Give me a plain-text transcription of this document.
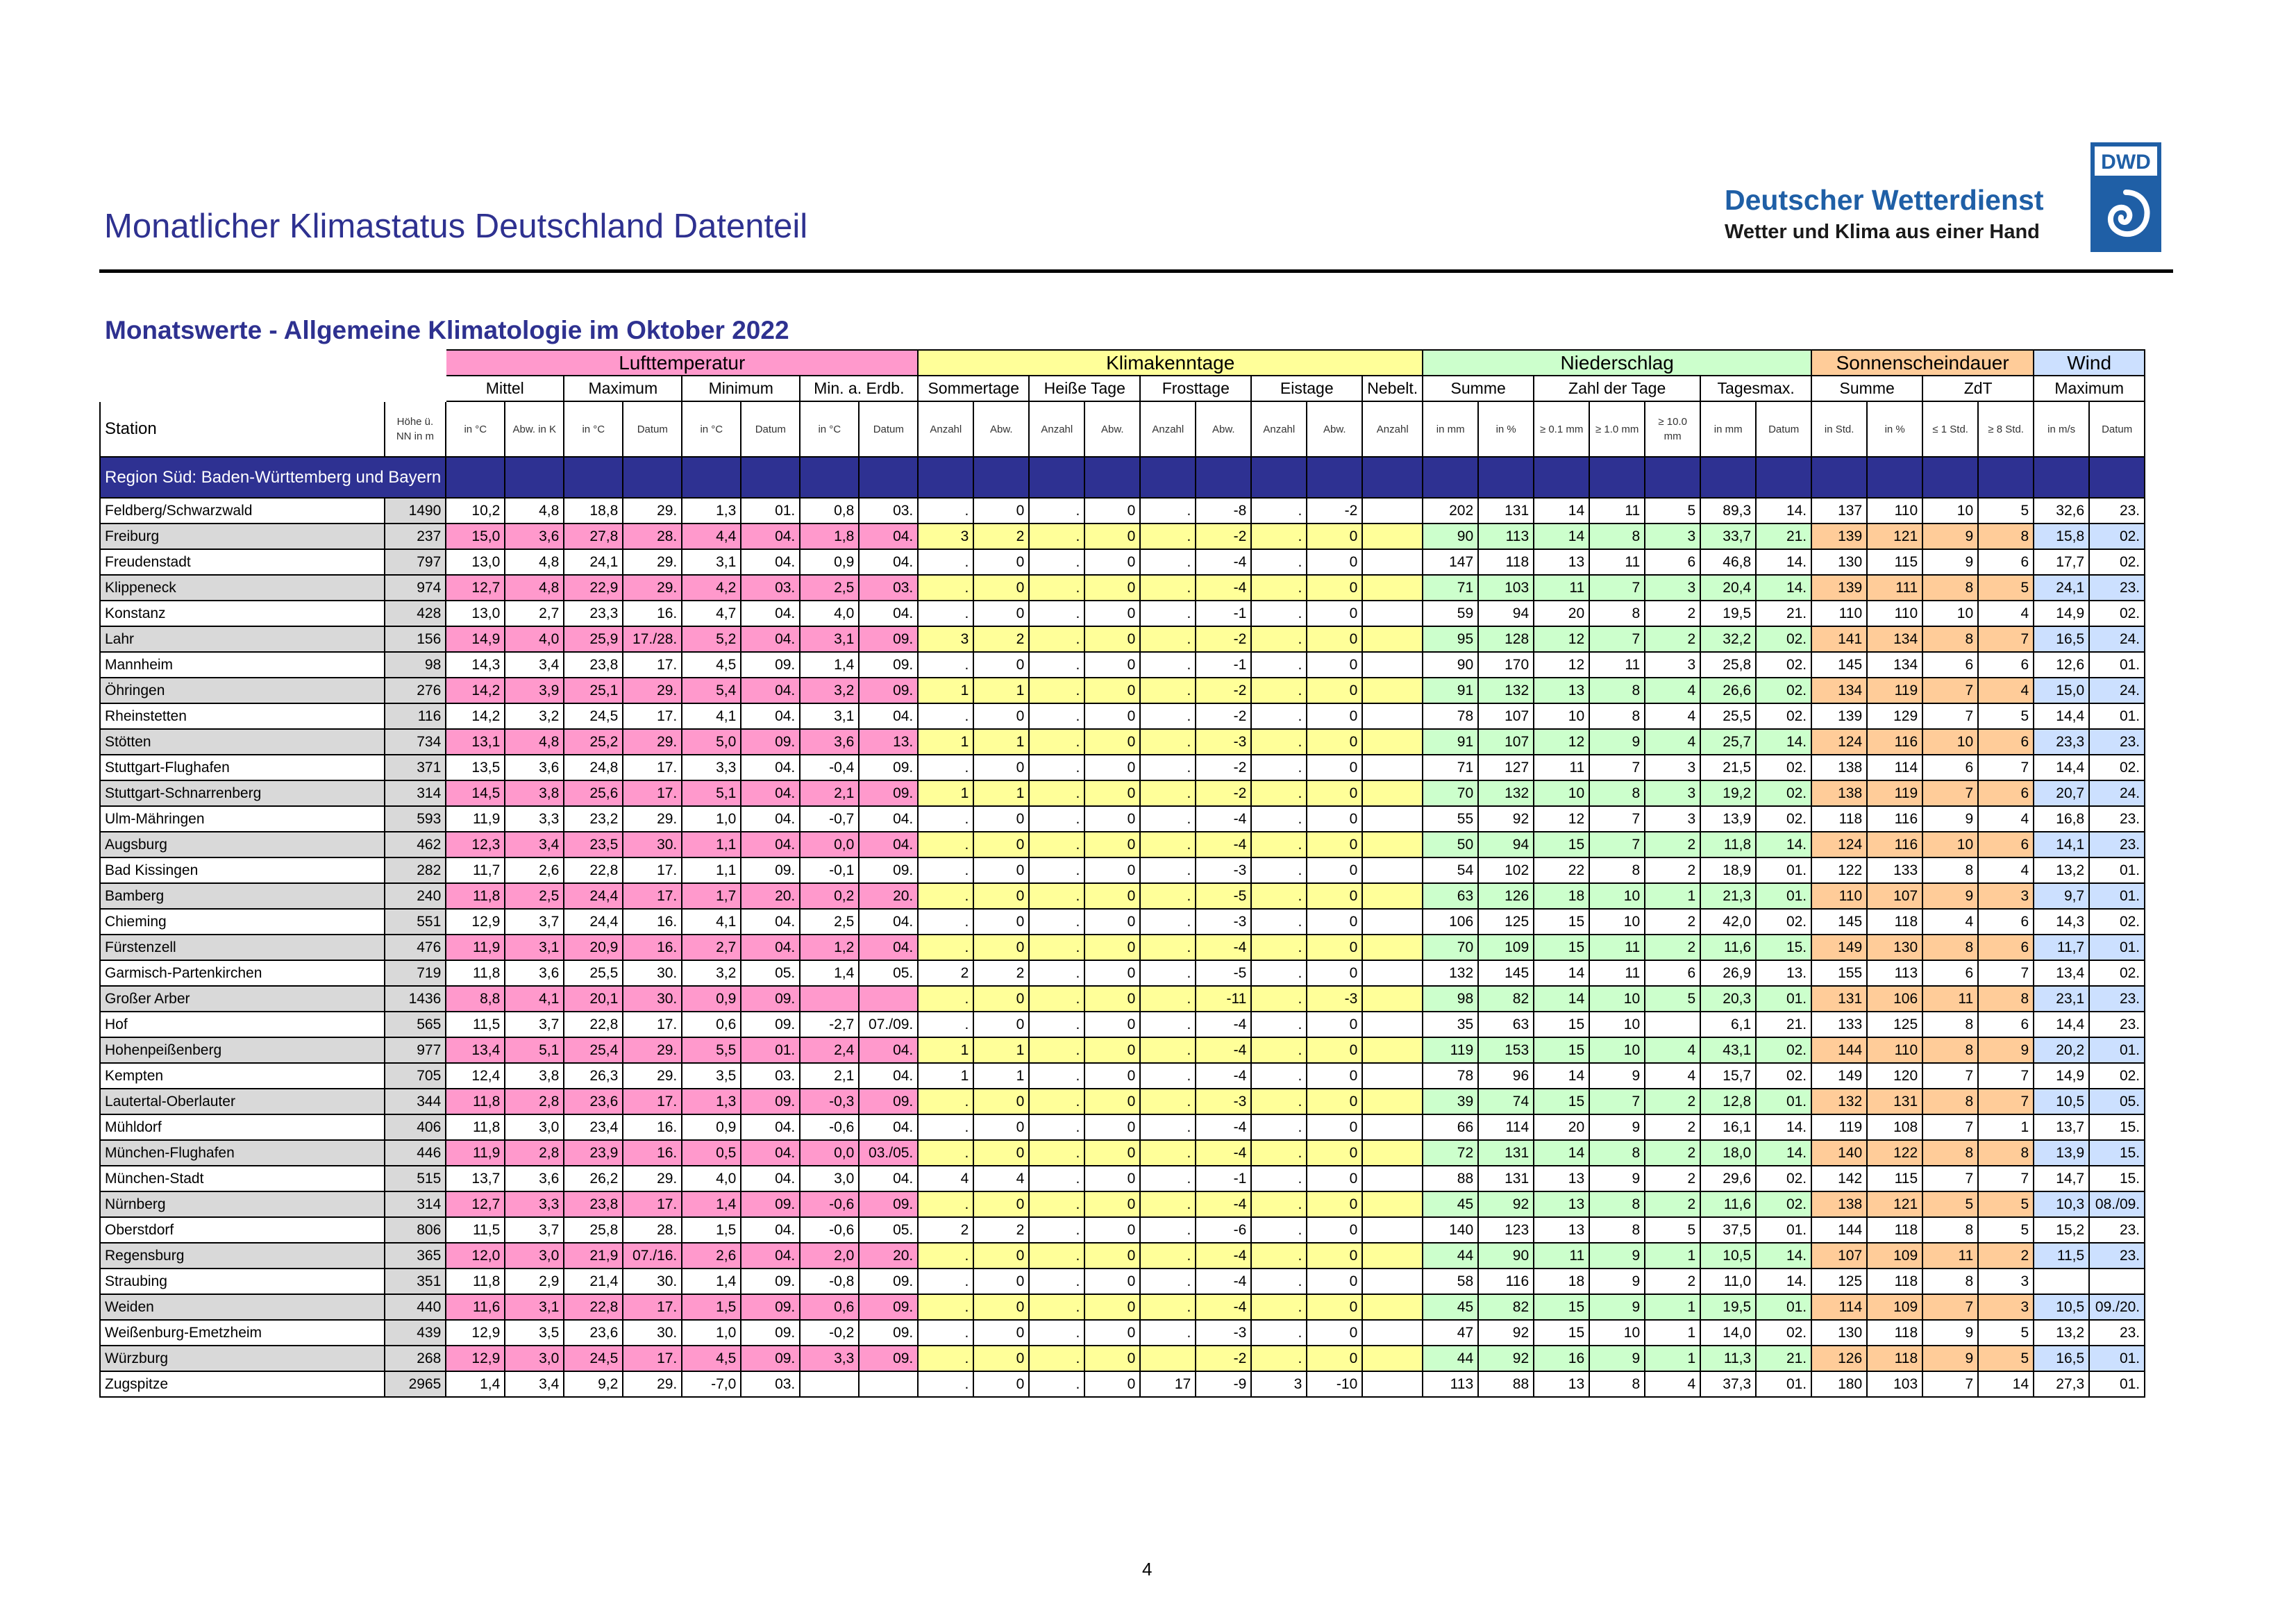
Monatlicher Klimastatus Deutschland Datenteil
Deutscher Wetterdienst
Wetter und Klima aus einer Hand
DWD
Monatswerte - Allgemeine Klimatologie im Oktober 2022
		Lufttemperatur								Klimakenntage									Niederschlag							Sonnenscheindauer				Wind	
		Mittel		Maximum		Minimum		Min. a. Erdb.		Sommertage		Heiße Tage		Frosttage		Eistage		Nebelt.	Summe		Zahl der Tage			Tagesmax.		Summe		ZdT		Maximum	
Station	Höhe ü. NN in m	in °C	Abw. in K	in °C	Datum	in °C	Datum	in °C	Datum	Anzahl	Abw.	Anzahl	Abw.	Anzahl	Abw.	Anzahl	Abw.	Anzahl	in mm	in %	≥ 0.1 mm	≥ 1.0 mm	≥ 10.0 mm	in mm	Datum	in Std.	in %	≤ 1 Std.	≥ 8 Std.	in m/s	Datum
Region Süd: Baden-Württemberg und Bayern																															
Feldberg/Schwarzwald	1490	10,2	4,8	18,8	29.	1,3	01.	0,8	03.	.	0	.	0	.	-8	.	-2		202	131	14	11	5	89,3	14.	137	110	10	5	32,6	23.
Freiburg	237	15,0	3,6	27,8	28.	4,4	04.	1,8	04.	3	2	.	0	.	-2	.	0		90	113	14	8	3	33,7	21.	139	121	9	8	15,8	02.
Freudenstadt	797	13,0	4,8	24,1	29.	3,1	04.	0,9	04.	.	0	.	0	.	-4	.	0		147	118	13	11	6	46,8	14.	130	115	9	6	17,7	02.
Klippeneck	974	12,7	4,8	22,9	29.	4,2	03.	2,5	03.	.	0	.	0	.	-4	.	0		71	103	11	7	3	20,4	14.	139	111	8	5	24,1	23.
Konstanz	428	13,0	2,7	23,3	16.	4,7	04.	4,0	04.	.	0	.	0	.	-1	.	0		59	94	20	8	2	19,5	21.	110	110	10	4	14,9	02.
Lahr	156	14,9	4,0	25,9	17./28.	5,2	04.	3,1	09.	3	2	.	0	.	-2	.	0		95	128	12	7	2	32,2	02.	141	134	8	7	16,5	24.
Mannheim	98	14,3	3,4	23,8	17.	4,5	09.	1,4	09.	.	0	.	0	.	-1	.	0		90	170	12	11	3	25,8	02.	145	134	6	6	12,6	01.
Öhringen	276	14,2	3,9	25,1	29.	5,4	04.	3,2	09.	1	1	.	0	.	-2	.	0		91	132	13	8	4	26,6	02.	134	119	7	4	15,0	24.
Rheinstetten	116	14,2	3,2	24,5	17.	4,1	04.	3,1	04.	.	0	.	0	.	-2	.	0		78	107	10	8	4	25,5	02.	139	129	7	5	14,4	01.
Stötten	734	13,1	4,8	25,2	29.	5,0	09.	3,6	13.	1	1	.	0	.	-3	.	0		91	107	12	9	4	25,7	14.	124	116	10	6	23,3	23.
Stuttgart-Flughafen	371	13,5	3,6	24,8	17.	3,3	04.	-0,4	09.	.	0	.	0	.	-2	.	0		71	127	11	7	3	21,5	02.	138	114	6	7	14,4	02.
Stuttgart-Schnarrenberg	314	14,5	3,8	25,6	17.	5,1	04.	2,1	09.	1	1	.	0	.	-2	.	0		70	132	10	8	3	19,2	02.	138	119	7	6	20,7	24.
Ulm-Mähringen	593	11,9	3,3	23,2	29.	1,0	04.	-0,7	04.	.	0	.	0	.	-4	.	0		55	92	12	7	3	13,9	02.	118	116	9	4	16,8	23.
Augsburg	462	12,3	3,4	23,5	30.	1,1	04.	0,0	04.	.	0	.	0	.	-4	.	0		50	94	15	7	2	11,8	14.	124	116	10	6	14,1	23.
Bad Kissingen	282	11,7	2,6	22,8	17.	1,1	09.	-0,1	09.	.	0	.	0	.	-3	.	0		54	102	22	8	2	18,9	01.	122	133	8	4	13,2	01.
Bamberg	240	11,8	2,5	24,4	17.	1,7	20.	0,2	20.	.	0	.	0	.	-5	.	0		63	126	18	10	1	21,3	01.	110	107	9	3	9,7	01.
Chieming	551	12,9	3,7	24,4	16.	4,1	04.	2,5	04.	.	0	.	0	.	-3	.	0		106	125	15	10	2	42,0	02.	145	118	4	6	14,3	02.
Fürstenzell	476	11,9	3,1	20,9	16.	2,7	04.	1,2	04.	.	0	.	0	.	-4	.	0		70	109	15	11	2	11,6	15.	149	130	8	6	11,7	01.
Garmisch-Partenkirchen	719	11,8	3,6	25,5	30.	3,2	05.	1,4	05.	2	2	.	0	.	-5	.	0		132	145	14	11	6	26,9	13.	155	113	6	7	13,4	02.
Großer Arber	1436	8,8	4,1	20,1	30.	0,9	09.			.	0	.	0	.	-11	.	-3		98	82	14	10	5	20,3	01.	131	106	11	8	23,1	23.
Hof	565	11,5	3,7	22,8	17.	0,6	09.	-2,7	07./09.	.	0	.	0	.	-4	.	0		35	63	15	10		6,1	21.	133	125	8	6	14,4	23.
Hohenpeißenberg	977	13,4	5,1	25,4	29.	5,5	01.	2,4	04.	1	1	.	0	.	-4	.	0		119	153	15	10	4	43,1	02.	144	110	8	9	20,2	01.
Kempten	705	12,4	3,8	26,3	29.	3,5	03.	2,1	04.	1	1	.	0	.	-4	.	0		78	96	14	9	4	15,7	02.	149	120	7	7	14,9	02.
Lautertal-Oberlauter	344	11,8	2,8	23,6	17.	1,3	09.	-0,3	09.	.	0	.	0	.	-3	.	0		39	74	15	7	2	12,8	01.	132	131	8	7	10,5	05.
Mühldorf	406	11,8	3,0	23,4	16.	0,9	04.	-0,6	04.	.	0	.	0	.	-4	.	0		66	114	20	9	2	16,1	14.	119	108	7	1	13,7	15.
München-Flughafen	446	11,9	2,8	23,9	16.	0,5	04.	0,0	03./05.	.	0	.	0	.	-4	.	0		72	131	14	8	2	18,0	14.	140	122	8	8	13,9	15.
München-Stadt	515	13,7	3,6	26,2	29.	4,0	04.	3,0	04.	4	4	.	0	.	-1	.	0		88	131	13	9	2	29,6	02.	142	115	7	7	14,7	15.
Nürnberg	314	12,7	3,3	23,8	17.	1,4	09.	-0,6	09.	.	0	.	0	.	-4	.	0		45	92	13	8	2	11,6	02.	138	121	5	5	10,3	08./09.
Oberstdorf	806	11,5	3,7	25,8	28.	1,5	04.	-0,6	05.	2	2	.	0	.	-6	.	0		140	123	13	8	5	37,5	01.	144	118	8	5	15,2	23.
Regensburg	365	12,0	3,0	21,9	07./16.	2,6	04.	2,0	20.	.	0	.	0	.	-4	.	0		44	90	11	9	1	10,5	14.	107	109	11	2	11,5	23.
Straubing	351	11,8	2,9	21,4	30.	1,4	09.	-0,8	09.	.	0	.	0	.	-4	.	0		58	116	18	9	2	11,0	14.	125	118	8	3		
Weiden	440	11,6	3,1	22,8	17.	1,5	09.	0,6	09.	.	0	.	0	.	-4	.	0		45	82	15	9	1	19,5	01.	114	109	7	3	10,5	09./20.
Weißenburg-Emetzheim	439	12,9	3,5	23,6	30.	1,0	09.	-0,2	09.	.	0	.	0	.	-3	.	0		47	92	15	10	1	14,0	02.	130	118	9	5	13,2	23.
Würzburg	268	12,9	3,0	24,5	17.	4,5	09.	3,3	09.	.	0	.	0		-2	.	0		44	92	16	9	1	11,3	21.	126	118	9	5	16,5	01.
Zugspitze	2965	1,4	3,4	9,2	29.	-7,0	03.			.	0	.	0	17	-9	3	-10		113	88	13	8	4	37,3	01.	180	103	7	14	27,3	01.
4
